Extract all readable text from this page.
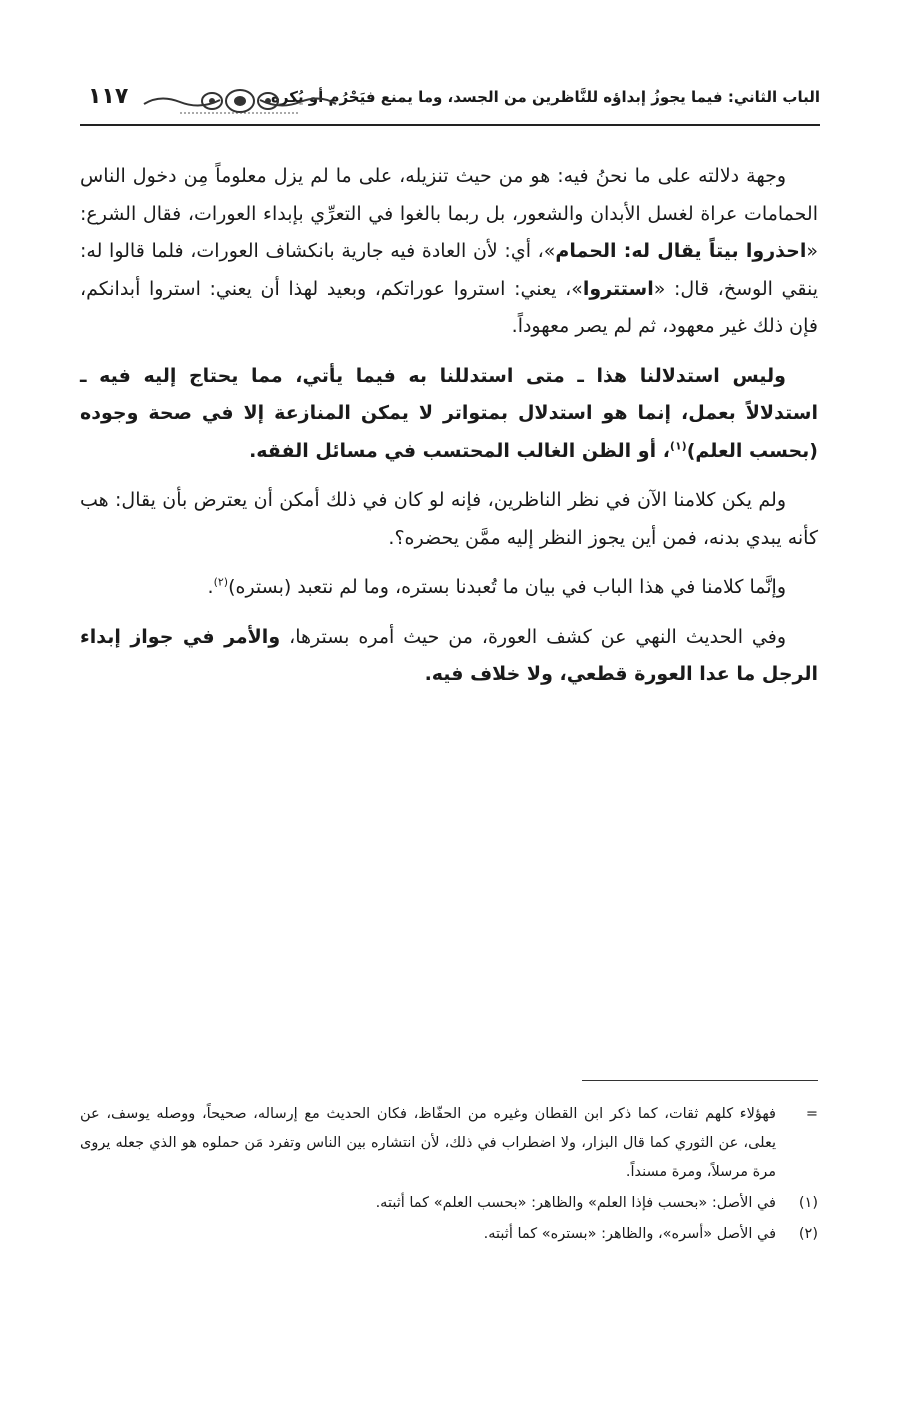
الباب الثاني: فيما يجوزُ إبداؤه للنَّاظرين من الجسد، وما يمنع فيَحْرُم أو يُكره
١١٧

وجهة دلالته على ما نحنُ فيه: هو من حيث تنزيله، على ما لم يزل معلوماً مِن دخول الناس الحمامات عراة لغسل الأبدان والشعور، بل ربما بالغوا في التعرِّي بإبداء العورات، فقال الشرع: «احذروا بيتاً يقال له: الحمام»، أي: لأن العادة فيه جارية بانكشاف العورات، فلما قالوا له: ينقي الوسخ، قال: «استتروا»، يعني: استروا عوراتكم، وبعيد لهذا أن يعني: استروا أبدانكم، فإن ذلك غير معهود، ثم لم يصر معهوداً.

وليس استدلالنا هذا ـ متى استدللنا به فيما يأتي، مما يحتاج إليه فيه ـ استدلالاً بعمل، إنما هو استدلال بمتواتر لا يمكن المنازعة إلا في صحة وجوده (بحسب العلم)$^{(١)}$، أو الظن الغالب المحتسب في مسائل الفقه.

ولم يكن كلامنا الآن في نظر الناظرين، فإنه لو كان في ذلك أمكن أن يعترض بأن يقال: هب كأنه يبدي بدنه، فمن أين يجوز النظر إليه ممَّن يحضره؟.

وإنَّما كلامنا في هذا الباب في بيان ما تُعبدنا بستره، وما لم نتعبد (بستره)$^{(٢)}$.

وفي الحديث النهي عن كشف العورة، من حيث أمره بسترها، والأمر في جواز إبداء الرجل ما عدا العورة قطعي، ولا خلاف فيه.

=
فهؤلاء كلهم ثقات، كما ذكر ابن القطان وغيره من الحفّاظ، فكان الحديث مع إرساله، صحيحاً، ووصله يوسف، عن يعلى، عن الثوري كما قال البزار، ولا اضطراب في ذلك، لأن انتشاره بين الناس وتفرد مَن حملوه هو الذي جعله يروى مرة مرسلاً، ومرة مسنداً.

(١)
في الأصل: «بحسب فإذا العلم» والظاهر: «بحسب العلم» كما أثبته.

(٢)
في الأصل «أسره»، والظاهر: «بستره» كما أثبته.
